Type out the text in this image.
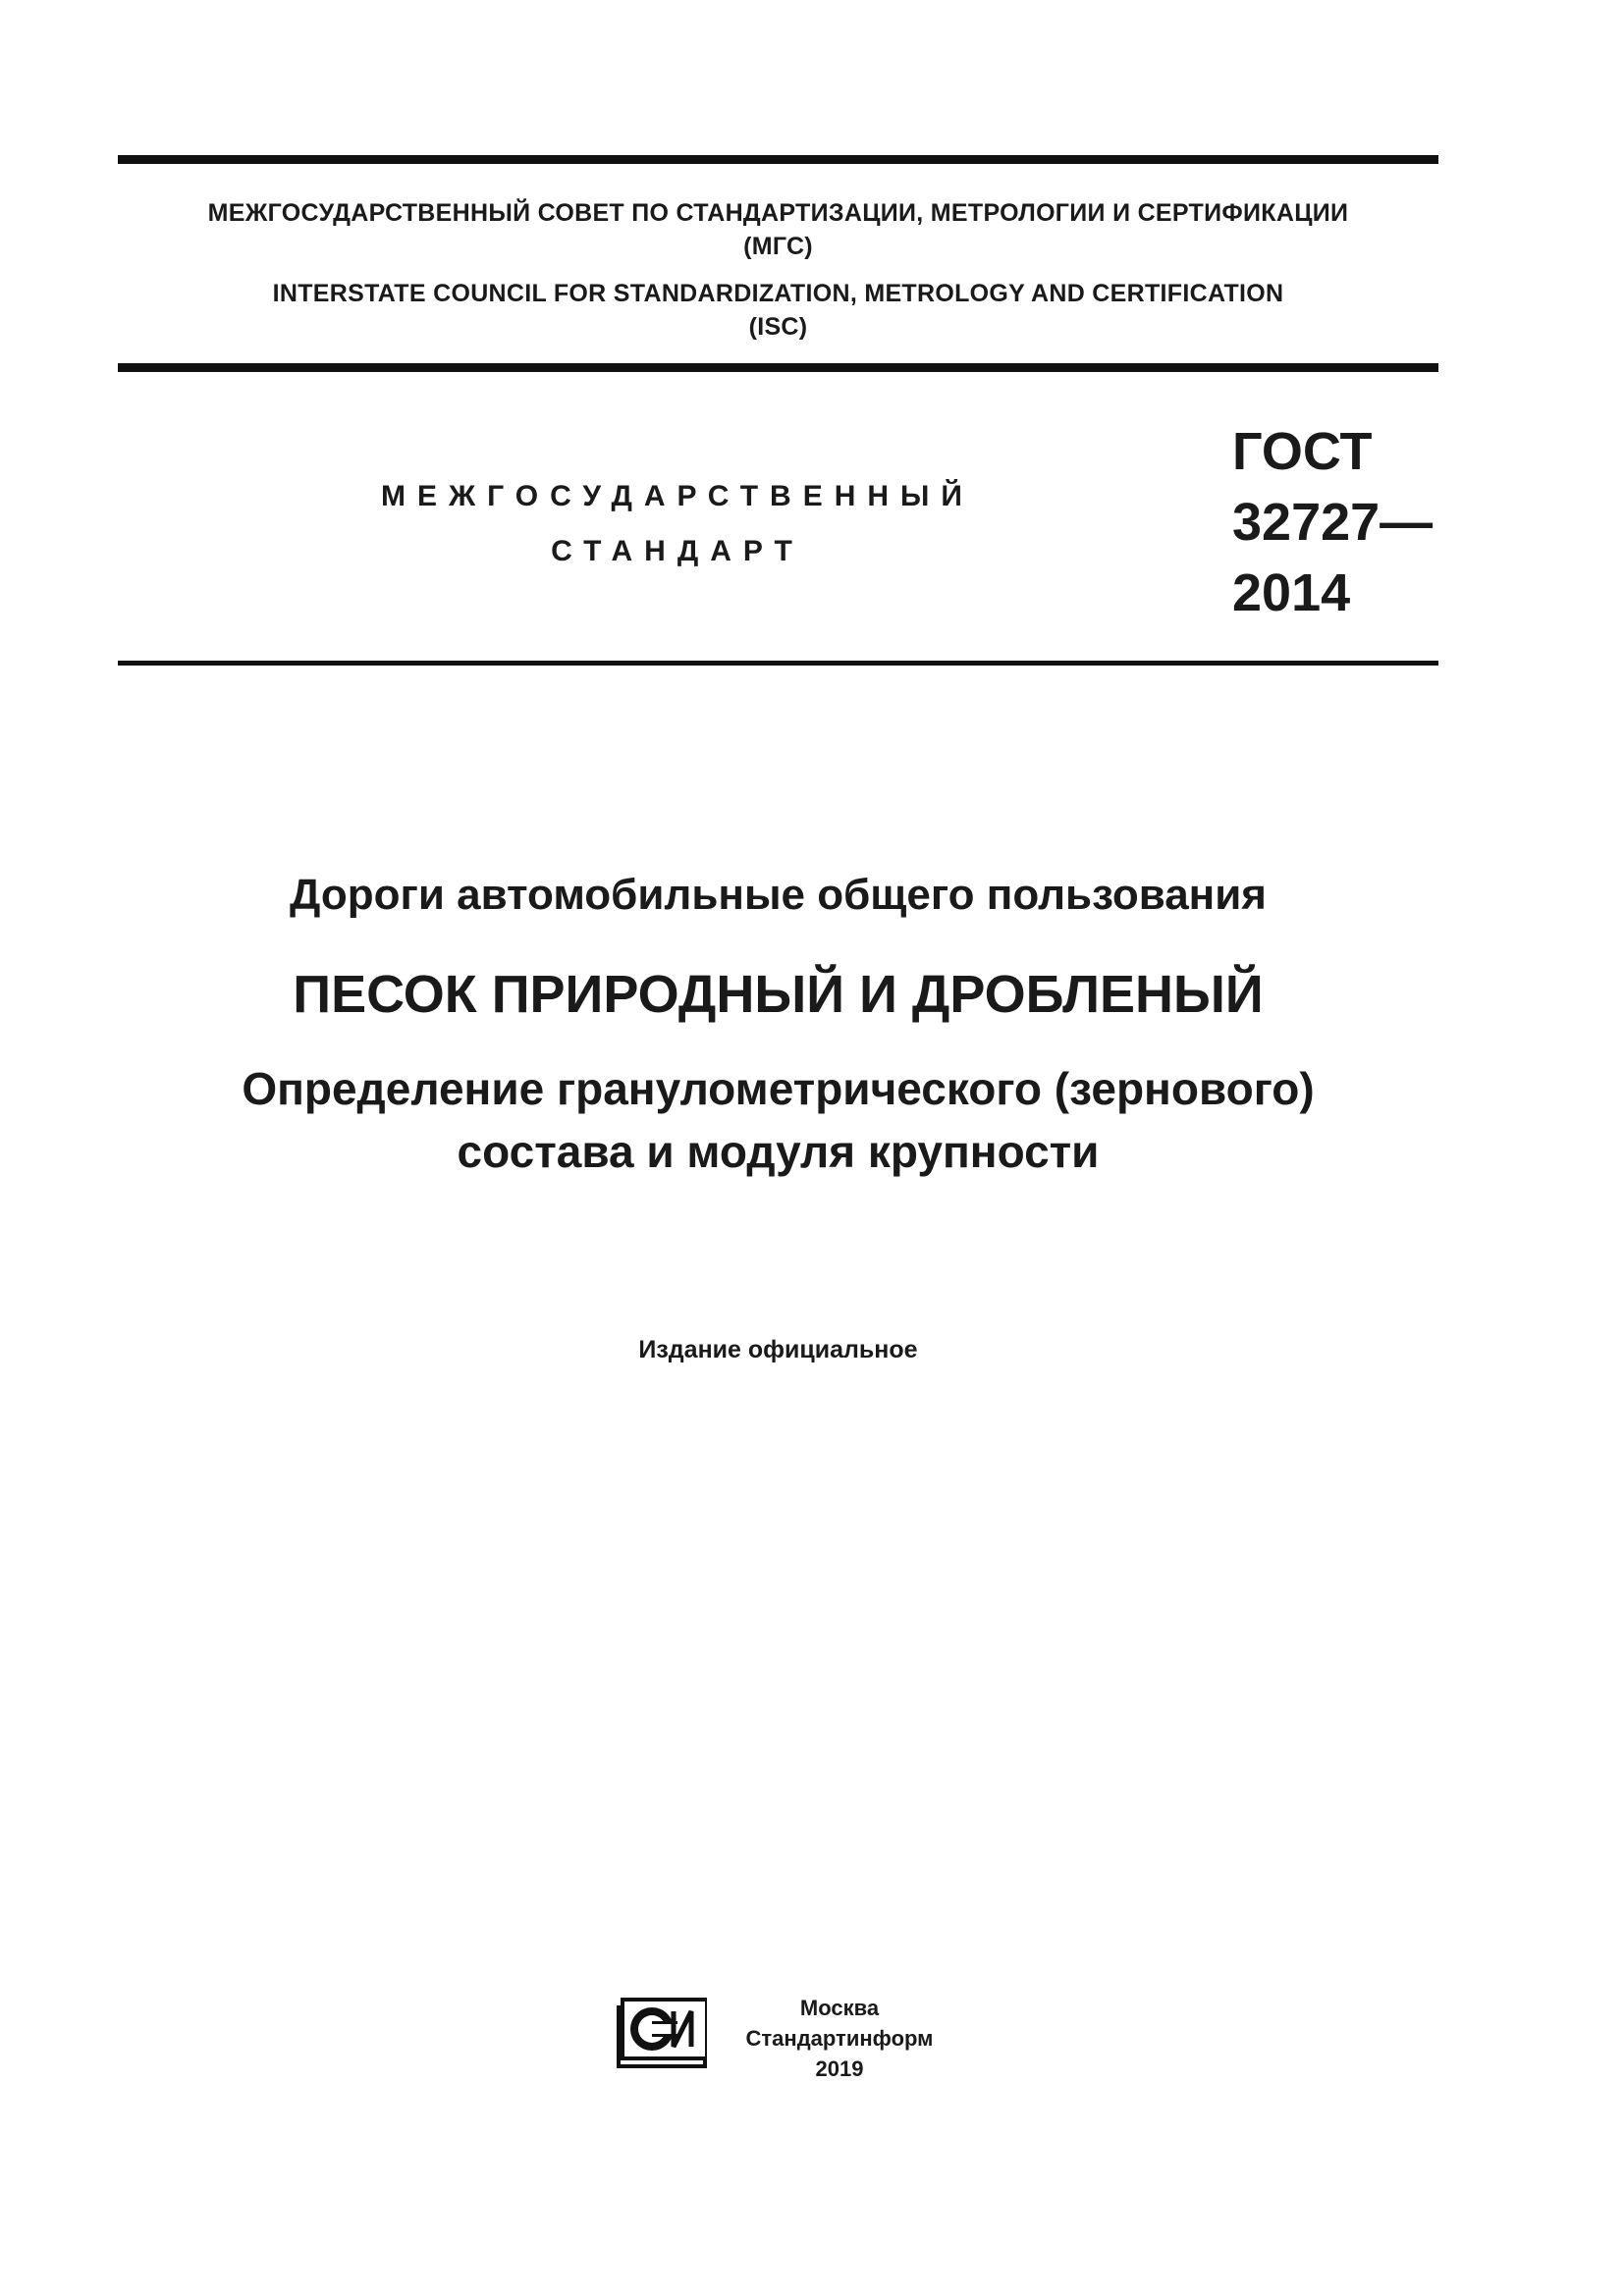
МЕЖГОСУДАРСТВЕННЫЙ СОВЕТ ПО СТАНДАРТИЗАЦИИ, МЕТРОЛОГИИ И СЕРТИФИКАЦИИ
(МГС)
INTERSTATE COUNCIL FOR STANDARDIZATION, METROLOGY AND CERTIFICATION
(ISC)
МЕЖГОСУДАРСТВЕННЫЙ
СТАНДАРТ
ГОСТ
32727—
2014
Дороги автомобильные общего пользования
ПЕСОК ПРИРОДНЫЙ И ДРОБЛЕНЫЙ
Определение гранулометрического (зернового)
состава и модуля крупности
Издание официальное
Москва
Стандартинформ
2019
